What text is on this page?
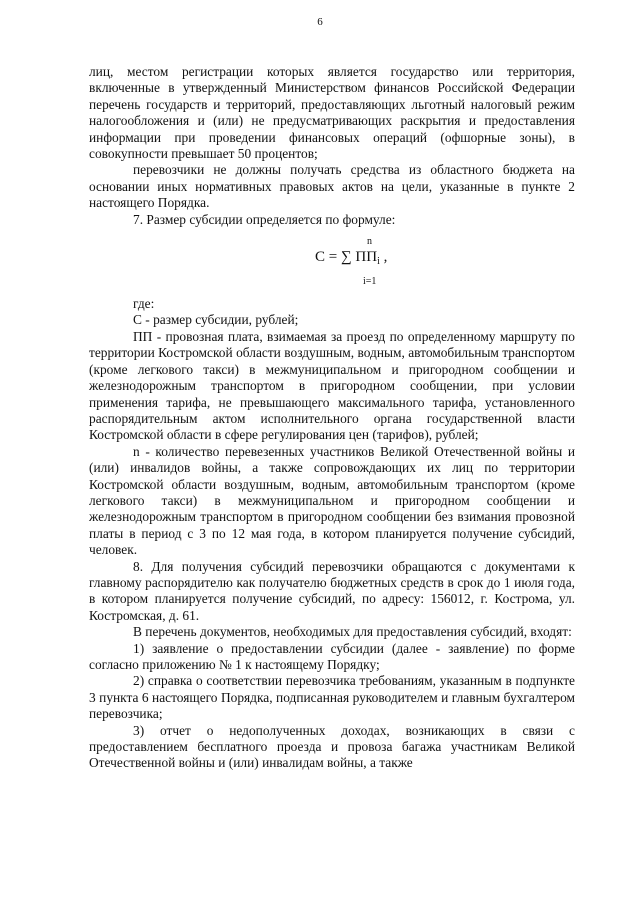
6

лиц, местом регистрации которых является государство или территория, включенные в утвержденный Министерством финансов Российской Федерации перечень государств и территорий, предоставляющих льготный налоговый режим налогообложения и (или) не предусматривающих раскрытия и предоставления информации при проведении финансовых операций (офшорные зоны), в совокупности превышает 50 процентов;

перевозчики не должны получать средства из областного бюджета на основании иных нормативных правовых актов на цели, указанные в пункте 2 настоящего Порядка.

7. Размер субсидии определяется по формуле:

n
С = ∑ $ПП_i$ ,
i=1

где:

С - размер субсидии, рублей;

ПП - провозная плата, взимаемая за проезд по определенному маршруту по территории Костромской области воздушным, водным, автомобильным транспортом (кроме легкового такси) в межмуниципальном и пригородном сообщении и железнодорожным транспортом в пригородном сообщении, при условии применения тарифа, не превышающего максимального тарифа, установленного распорядительным актом исполнительного органа государственной власти Костромской области в сфере регулирования цен (тарифов), рублей;

n - количество перевезенных участников Великой Отечественной войны и (или) инвалидов войны, а также сопровождающих их лиц по территории Костромской области воздушным, водным, автомобильным транспортом (кроме легкового такси) в межмуниципальном и пригородном сообщении и железнодорожным транспортом в пригородном сообщении без взимания провозной платы в период с 3 по 12 мая года, в котором планируется получение субсидий, человек.

8. Для получения субсидий перевозчики обращаются с документами к главному распорядителю как получателю бюджетных средств в срок до 1 июля года, в котором планируется получение субсидий, по адресу: 156012, г. Кострома, ул. Костромская, д. 61.

В перечень документов, необходимых для предоставления субсидий, входят:

1) заявление о предоставлении субсидии (далее - заявление) по форме согласно приложению № 1 к настоящему Порядку;

2) справка о соответствии перевозчика требованиям, указанным в подпункте 3 пункта 6 настоящего Порядка, подписанная руководителем и главным бухгалтером перевозчика;

3) отчет о недополученных доходах, возникающих в связи с предоставлением бесплатного проезда и провоза багажа участникам Великой Отечественной войны и (или) инвалидам войны, а также
